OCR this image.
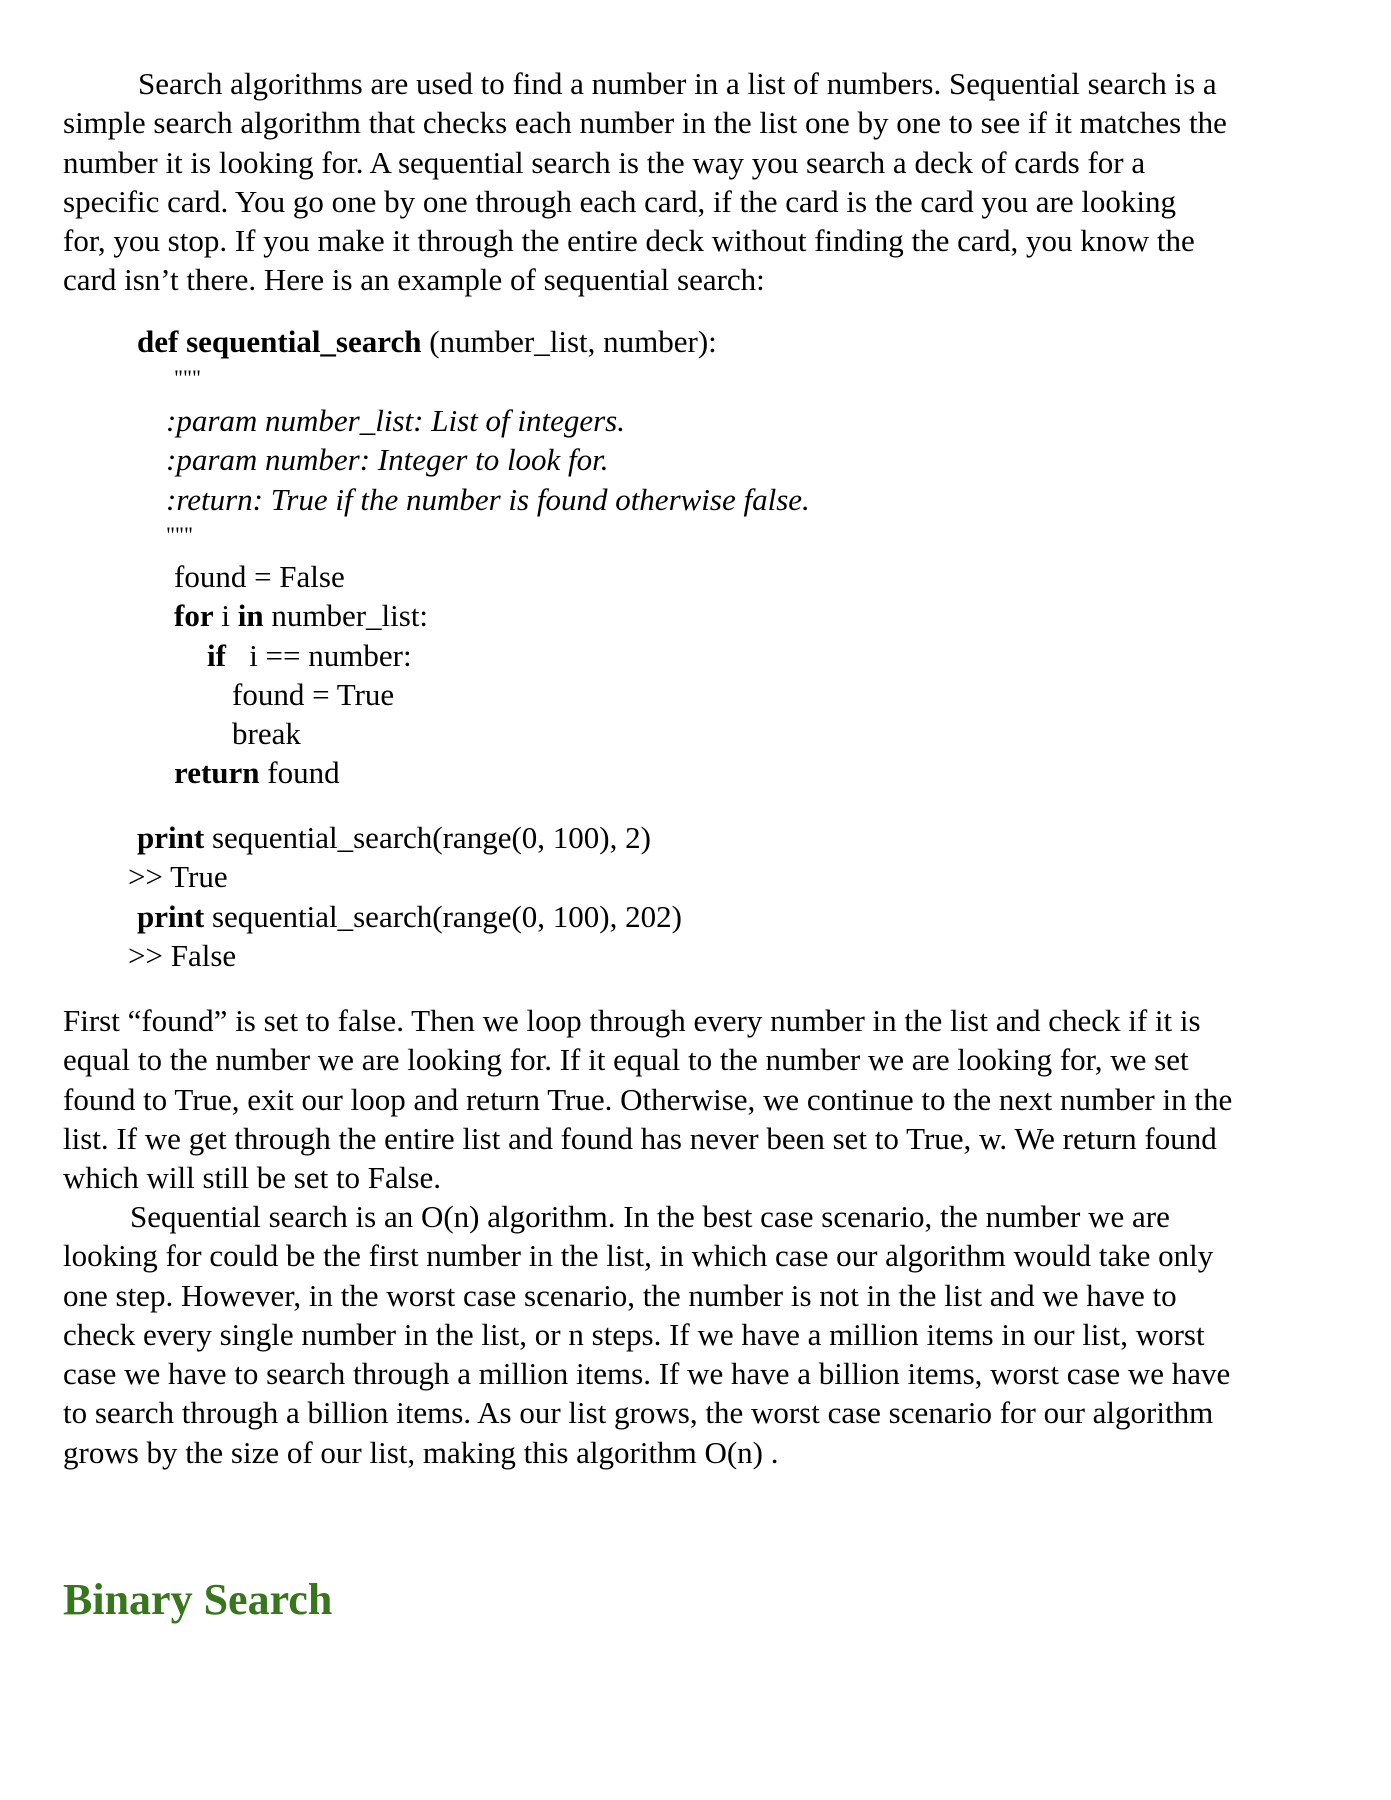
Search algorithms are used to find a number in a list of numbers. Sequential search is a
simple search algorithm that checks each number in the list one by one to see if it matches the
number it is looking for. A sequential search is the way you search a deck of cards for a
specific card. You go one by one through each card, if the card is the card you are looking
for, you stop. If you make it through the entire deck without finding the card, you know the
card isn’t there. Here is an example of sequential search:
def sequential_search (number_list, number):
"""
:param number_list: List of integers.
:param number: Integer to look for.
:return: True if the number is found otherwise false.
"""
found = False
for i in number_list:
if   i == number:
found = True
break
return found
print sequential_search(range(0, 100), 2)
>> True
print sequential_search(range(0, 100), 202)
>> False
First “found” is set to false. Then we loop through every number in the list and check if it is
equal to the number we are looking for. If it equal to the number we are looking for, we set
found to True, exit our loop and return True. Otherwise, we continue to the next number in the
list. If we get through the entire list and found has never been set to True, w. We return found
which will still be set to False.
Sequential search is an O(n) algorithm. In the best case scenario, the number we are
looking for could be the first number in the list, in which case our algorithm would take only
one step. However, in the worst case scenario, the number is not in the list and we have to
check every single number in the list, or n steps. If we have a million items in our list, worst
case we have to search through a million items. If we have a billion items, worst case we have
to search through a billion items. As our list grows, the worst case scenario for our algorithm
grows by the size of our list, making this algorithm O(n) .
Binary Search
